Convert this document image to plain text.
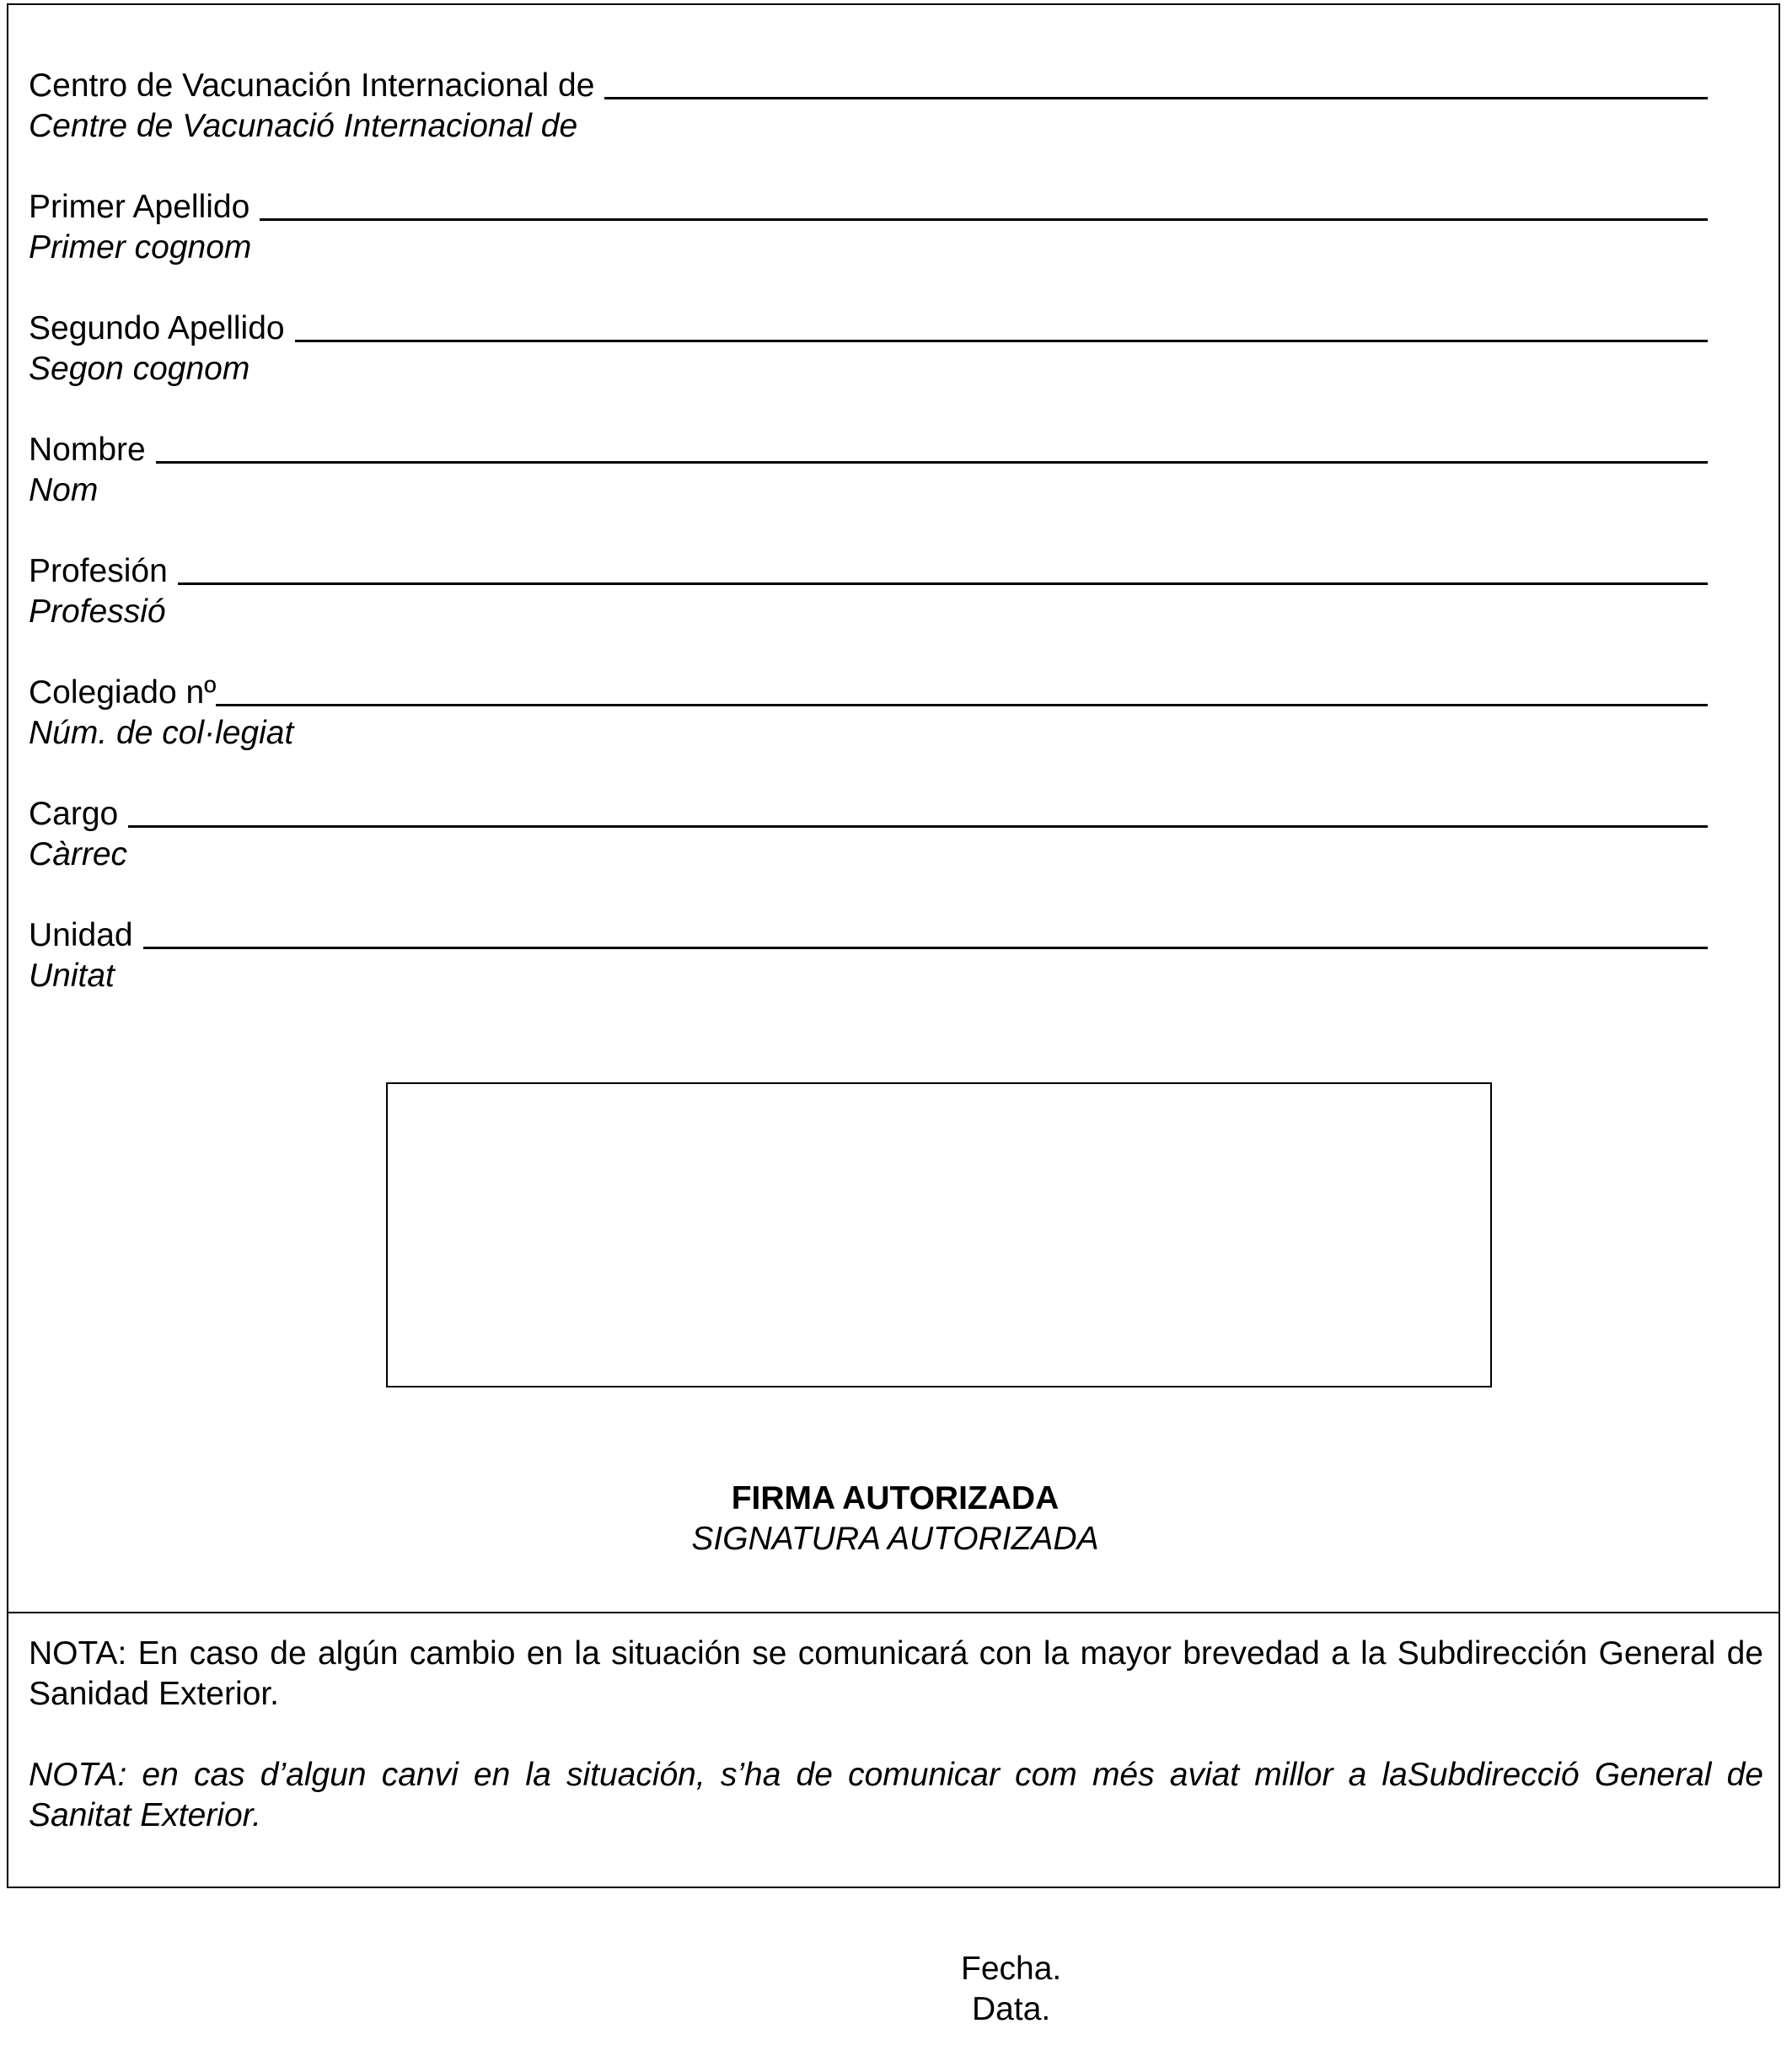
Centro de Vacunación Internacional de
Centre de Vacunació Internacional de
Primer Apellido
Primer cognom
Segundo Apellido
Segon cognom
Nombre
Nom
Profesión
Professió
Colegiado nº
Núm. de col·legiat
Cargo
Càrrec
Unidad
Unitat
FIRMA AUTORIZADA
SIGNATURA AUTORIZADA
NOTA: En caso de algún cambio en la situación se comunicará con la mayor brevedad a la Subdirección General de Sanidad Exterior.
NOTA: en cas d’algun canvi en la situación, s’ha de comunicar com més aviat millor a laSubdirecció General de Sanitat Exterior.
Fecha.
Data.
